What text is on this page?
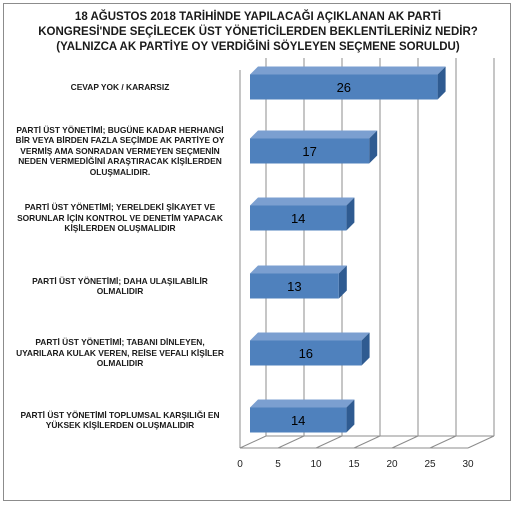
18 AĞUSTOS 2018 TARİHİNDE YAPILACAĞI AÇIKLANAN AK PARTİ
KONGRESİ'NDE SEÇİLECEK ÜST YÖNETİCİLERDEN BEKLENTİLERİNİZ NEDİR?
(YALNIZCA AK PARTİYE OY VERDİĞİNİ SÖYLEYEN SEÇMENE SORULDU)
CEVAP YOK / KARARSIZ
PARTİ ÜST YÖNETİMİ; BUGÜNE KADAR HERHANGİ
BİR VEYA BİRDEN FAZLA SEÇİMDE AK PARTİYE OY
VERMİŞ AMA SONRADAN VERMEYEN SEÇMENİN
NEDEN VERMEDİĞİNİ ARAŞTIRACAK KİŞİLERDEN
OLUŞMALIDIR.
PARTİ ÜST YÖNETİMİ; YERELDEKİ ŞİKAYET VE
SORUNLAR İÇİN KONTROL VE DENETİM YAPACAK
KİŞİLERDEN OLUŞMALIDIR
PARTİ ÜST YÖNETİMİ; DAHA ULAŞILABİLİR
OLMALIDIR
PARTİ ÜST YÖNETİMİ; TABANI DİNLEYEN,
UYARILARA KULAK VEREN, REİSE VEFALI KİŞİLER
OLMALIDIR
PARTİ ÜST YÖNETİMİ TOPLUMSAL KARŞILIĞI EN
YÜKSEK KİŞİLERDEN OLUŞMALIDIR
0	5	10	15	20	25	30
26
17
14
13
16
14
